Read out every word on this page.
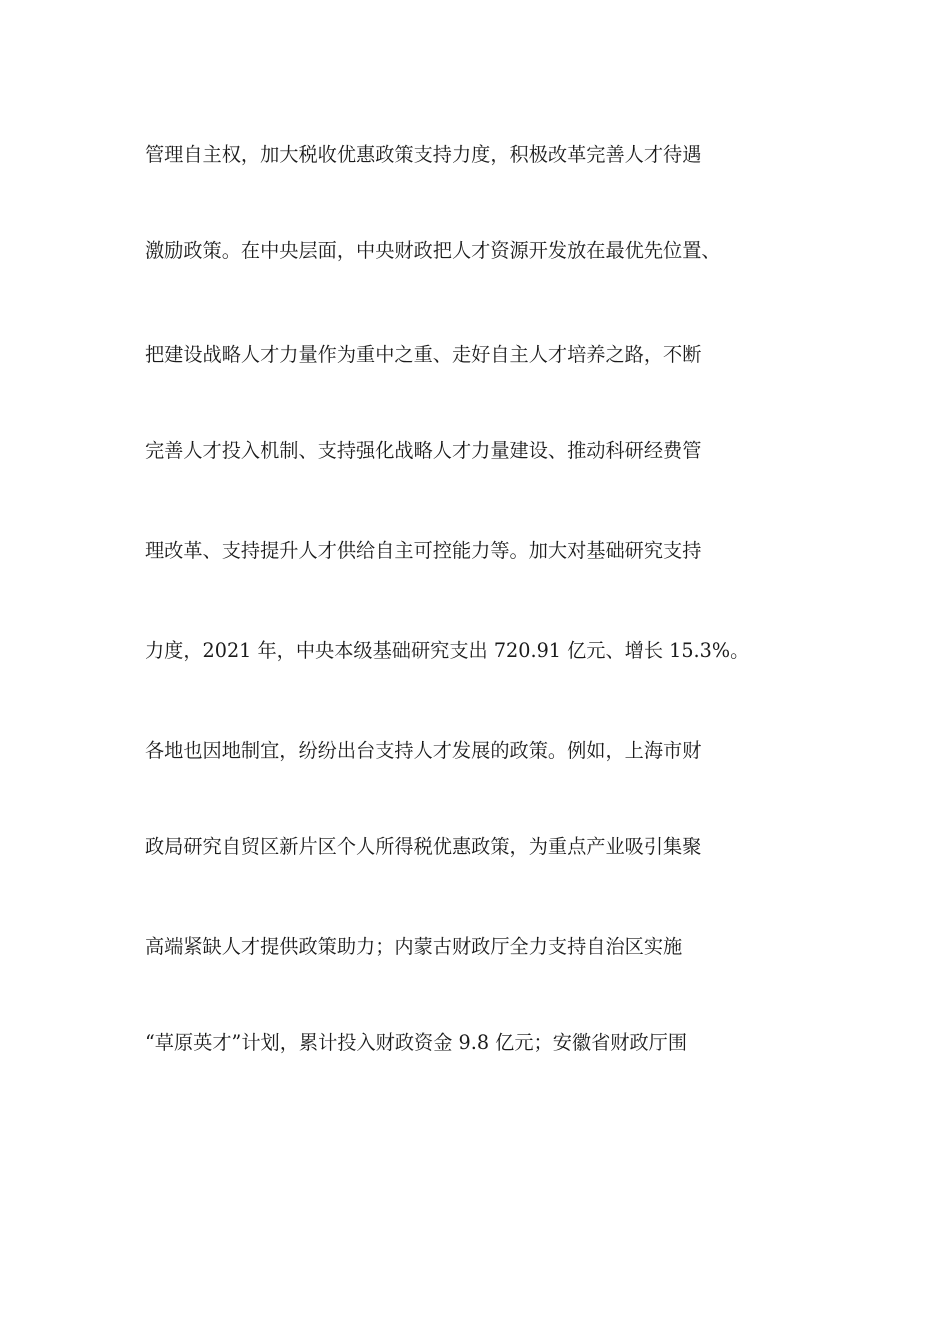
管理自主权，加大税收优惠政策支持力度，积极改革完善人才待遇
激励政策。在中央层面，中央财政把人才资源开发放在最优先位置、
把建设战略人才力量作为重中之重、走好自主人才培养之路，不断
完善人才投入机制、支持强化战略人才力量建设、推动科研经费管
理改革、支持提升人才供给自主可控能力等。加大对基础研究支持
力度，2021 年，中央本级基础研究支出 720.91 亿元、增长 15.3%。
各地也因地制宜，纷纷出台支持人才发展的政策。例如，上海市财
政局研究自贸区新片区个人所得税优惠政策，为重点产业吸引集聚
高端紧缺人才提供政策助力；内蒙古财政厅全力支持自治区实施
“草原英才”计划，累计投入财政资金 9.8 亿元；安徽省财政厅围
